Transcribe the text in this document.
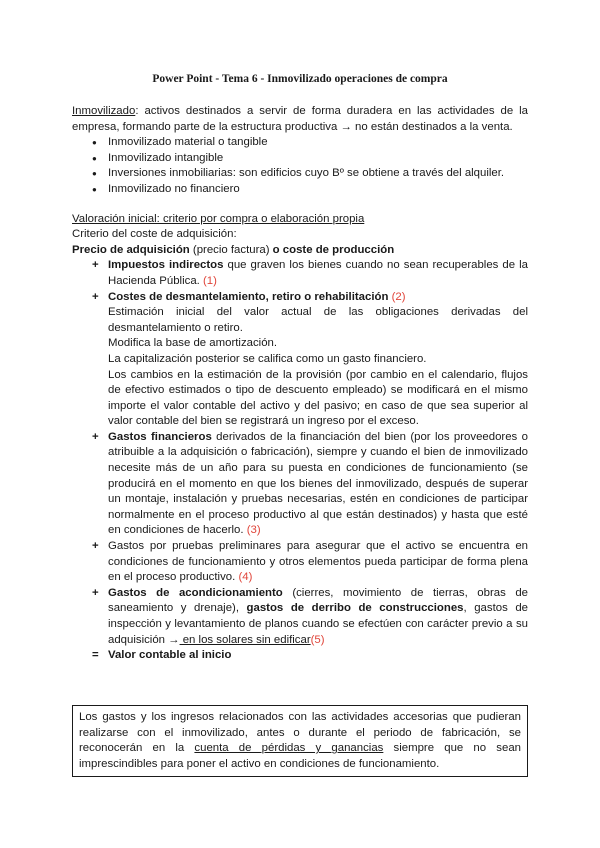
Power Point - Tema 6 - Inmovilizado operaciones de compra

Inmovilizado: activos destinados a servir de forma duradera en las actividades de la empresa, formando parte de la estructura productiva → no están destinados a la venta.

● Inmovilizado material o tangible
● Inmovilizado intangible
● Inversiones inmobiliarias: son edificios cuyo Bº se obtiene a través del alquiler.
● Inmovilizado no financiero

Valoración inicial: criterio por compra o elaboración propia

Criterio del coste de adquisición:

Precio de adquisición (precio factura) o coste de producción

+ Impuestos indirectos que graven los bienes cuando no sean recuperables de la Hacienda Pública. (1)
+ Costes de desmantelamiento, retiro o rehabilitación (2)

Estimación inicial del valor actual de las obligaciones derivadas del desmantelamiento o retiro.

Modifica la base de amortización.

La capitalización posterior se califica como un gasto financiero.

Los cambios en la estimación de la provisión (por cambio en el calendario, flujos de efectivo estimados o tipo de descuento empleado) se modificará en el mismo importe el valor contable del activo y del pasivo; en caso de que sea superior al valor contable del bien se registrará un ingreso por el exceso.

+ Gastos financieros derivados de la financiación del bien (por los proveedores o atribuible a la adquisición o fabricación), siempre y cuando el bien de inmovilizado necesite más de un año para su puesta en condiciones de funcionamiento (se producirá en el momento en que los bienes del inmovilizado, después de superar un montaje, instalación y pruebas necesarias, estén en condiciones de participar normalmente en el proceso productivo al que están destinados) y hasta que esté en condiciones de hacerlo. (3)
+ Gastos por pruebas preliminares para asegurar que el activo se encuentra en condiciones de funcionamiento y otros elementos pueda participar de forma plena en el proceso productivo. (4)
+ Gastos de acondicionamiento (cierres, movimiento de tierras, obras de saneamiento y drenaje), gastos de derribo de construcciones, gastos de inspección y levantamiento de planos cuando se efectúen con carácter previo a su adquisición → en los solares sin edificar(5)
= Valor contable al inicio
Los gastos y los ingresos relacionados con las actividades accesorias que pudieran realizarse con el inmovilizado, antes o durante el periodo de fabricación, se reconocerán en la cuenta de pérdidas y ganancias siempre que no sean imprescindibles para poner el activo en condiciones de funcionamiento.
